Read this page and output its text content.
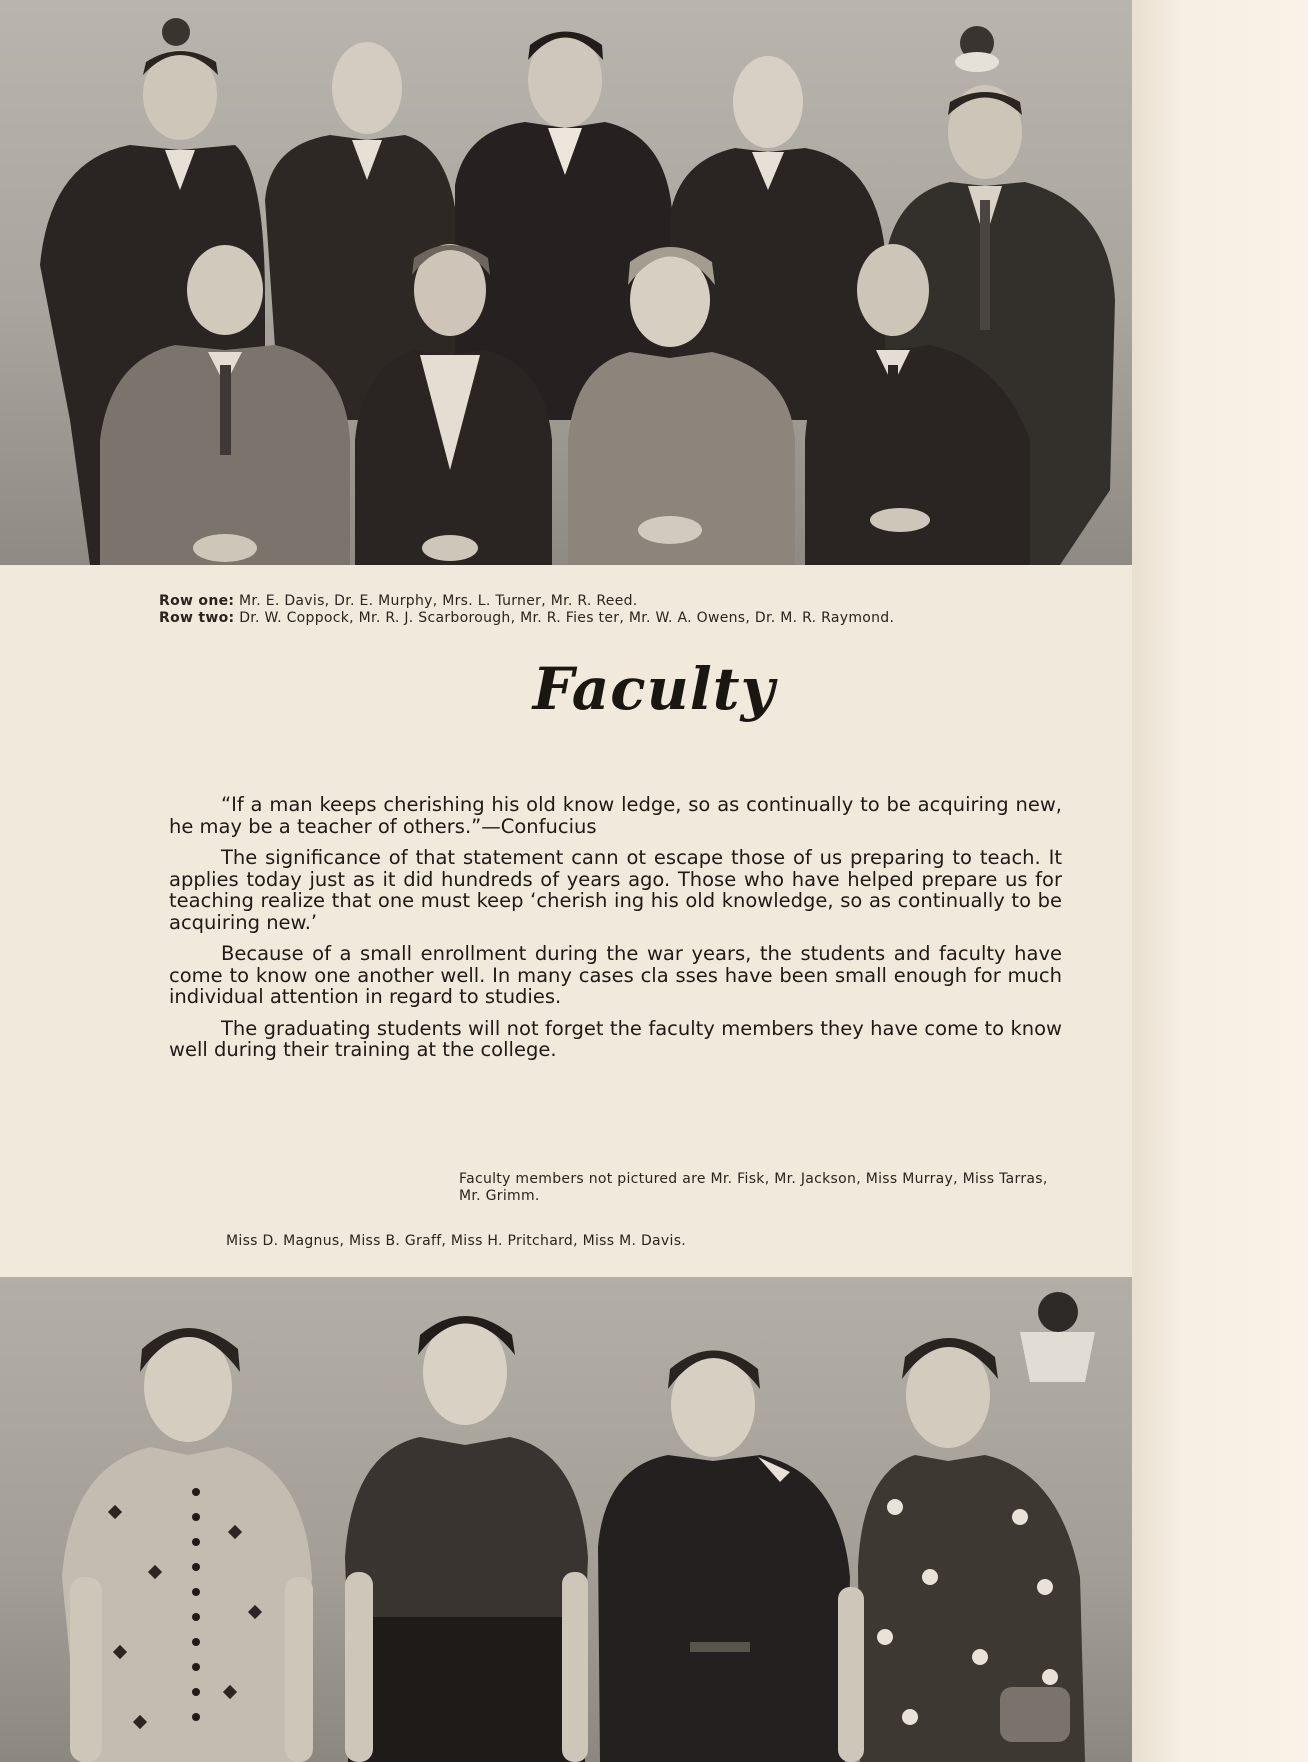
Row one: Mr. E. Davis, Dr. E. Murphy, Mrs. L. Turner, Mr. R. Reed.
Row two: Dr. W. Coppock, Mr. R. J. Scarborough, Mr. R. Fies ter, Mr. W. A. Owens, Dr. M. R. Raymond.
Faculty

“If a man keeps cherishing his old know ledge, so as continually to be acquiring new, he may be a teacher of others.”—Confucius

The significance of that statement cann ot escape those of us preparing to teach. It applies today just as it did hundreds of years ago. Those who have helped prepare us for teaching realize that one must keep ‘cherish ing his old knowledge, so as continually to be acquiring new.’

Because of a small enrollment during the war years, the students and faculty have come to know one another well. In many cases cla sses have been small enough for much individual attention in regard to studies.

The graduating students will not forget the faculty members they have come to know well during their training at the college.

Faculty members not pictured are Mr. Fisk, Mr. Jackson, Miss Murray, Miss Tarras, Mr. Grimm.
Miss D. Magnus, Miss B. Graff, Miss H. Pritchard, Miss M. Davis.
